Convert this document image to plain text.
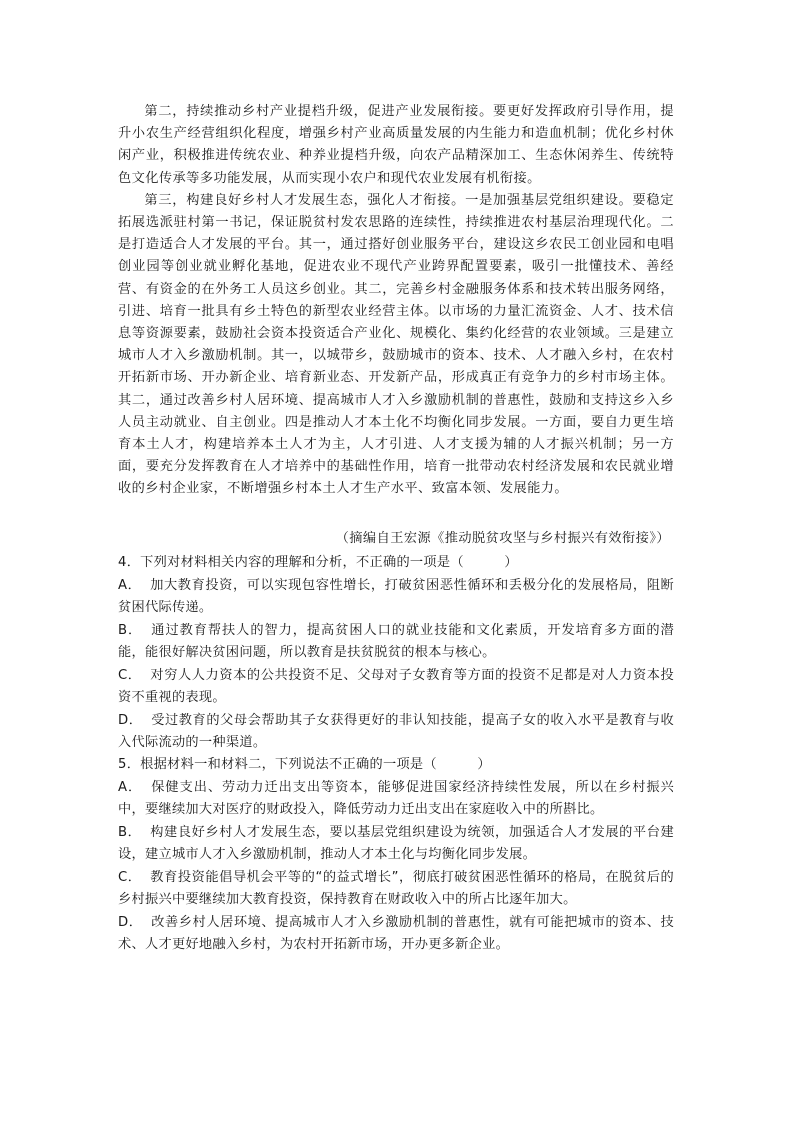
第二，持续推动乡村产业提档升级，促进产业发展衔接。要更好发挥政府引导作用，提升小农生产经营组织化程度，增强乡村产业高质量发展的内生能力和造血机制；优化乡村休闲产业，积极推进传统农业、种养业提档升级，向农产品精深加工、生态休闲养生、传统特色文化传承等多功能发展，从而实现小农户和现代农业发展有机衔接。

第三，构建良好乡村人才发展生态，强化人才衔接。一是加强基层党组织建设。要稳定拓展选派驻村第一书记，保证脱贫村发农思路的连续性，持续推进农村基层治理现代化。二是打造适合人才发展的平台。其一，通过搭好创业服务平台，建设这乡农民工创业园和电唱创业园等创业就业孵化基地，促进农业不现代产业跨界配置要素，吸引一批懂技术、善经营、有资金的在外务工人员这乡创业。其二，完善乡村金融服务体系和技术转出服务网络，引进、培育一批具有乡土特色的新型农业经营主体。以市场的力量汇流资金、人才、技术信息等资源要素，鼓励社会资本投资适合产业化、规模化、集约化经营的农业领域。三是建立城市人才入乡激励机制。其一，以城带乡，鼓励城市的资本、技术、人才融入乡村，在农村开拓新市场、开办新企业、培育新业态、开发新产品，形成真正有竞争力的乡村市场主体。其二，通过改善乡村人居环境、提高城市人才入乡激励机制的普惠性，鼓励和支持这乡入乡人员主动就业、自主创业。四是推动人才本土化不均衡化同步发展。一方面，要自力更生培育本土人才，构建培养本土人才为主，人才引进、人才支援为辅的人才振兴机制；另一方面，要充分发挥教育在人才培养中的基础性作用，培育一批带动农村经济发展和农民就业增收的乡村企业家，不断增强乡村本土人才生产水平、致富本领、发展能力。

（摘编自王宏源《推动脱贫攻坚与乡村振兴有效衔接》）

4．下列对材料相关内容的理解和分析，不正确的一项是（　　　）

A． 加大教育投资，可以实现包容性增长，打破贫困恶性循环和丢极分化的发展格局，阻断贫困代际传递。

B． 通过教育帮扶人的智力，提高贫困人口的就业技能和文化素质，开发培育多方面的潜能，能很好解决贫困问题，所以教育是扶贫脱贫的根本与核心。

C． 对穷人人力资本的公共投资不足、父母对子女教育等方面的投资不足都是对人力资本投资不重视的表现。

D． 受过教育的父母会帮助其子女获得更好的非认知技能，提高子女的收入水平是教育与收入代际流动的一种渠道。

5．根据材料一和材料二，下列说法不正确的一项是（　　　）

A． 保健支出、劳动力迁出支出等资本，能够促进国家经济持续性发展，所以在乡村振兴中，要继续加大对医疗的财政投入，降低劳动力迁出支出在家庭收入中的所斟比。

B． 构建良好乡村人才发展生态，要以基层党组织建设为统领，加强适合人才发展的平台建设，建立城市人才入乡激励机制，推动人才本土化与均衡化同步发展。

C． 教育投资能倡导机会平等的“的益式增长”，彻底打破贫困恶性循环的格局，在脱贫后的乡村振兴中要继续加大教育投资，保持教育在财政收入中的所占比逐年加大。

D． 改善乡村人居环境、提高城市人才入乡激励机制的普惠性，就有可能把城市的资本、技术、人才更好地融入乡村，为农村开拓新市场，开办更多新企业。
